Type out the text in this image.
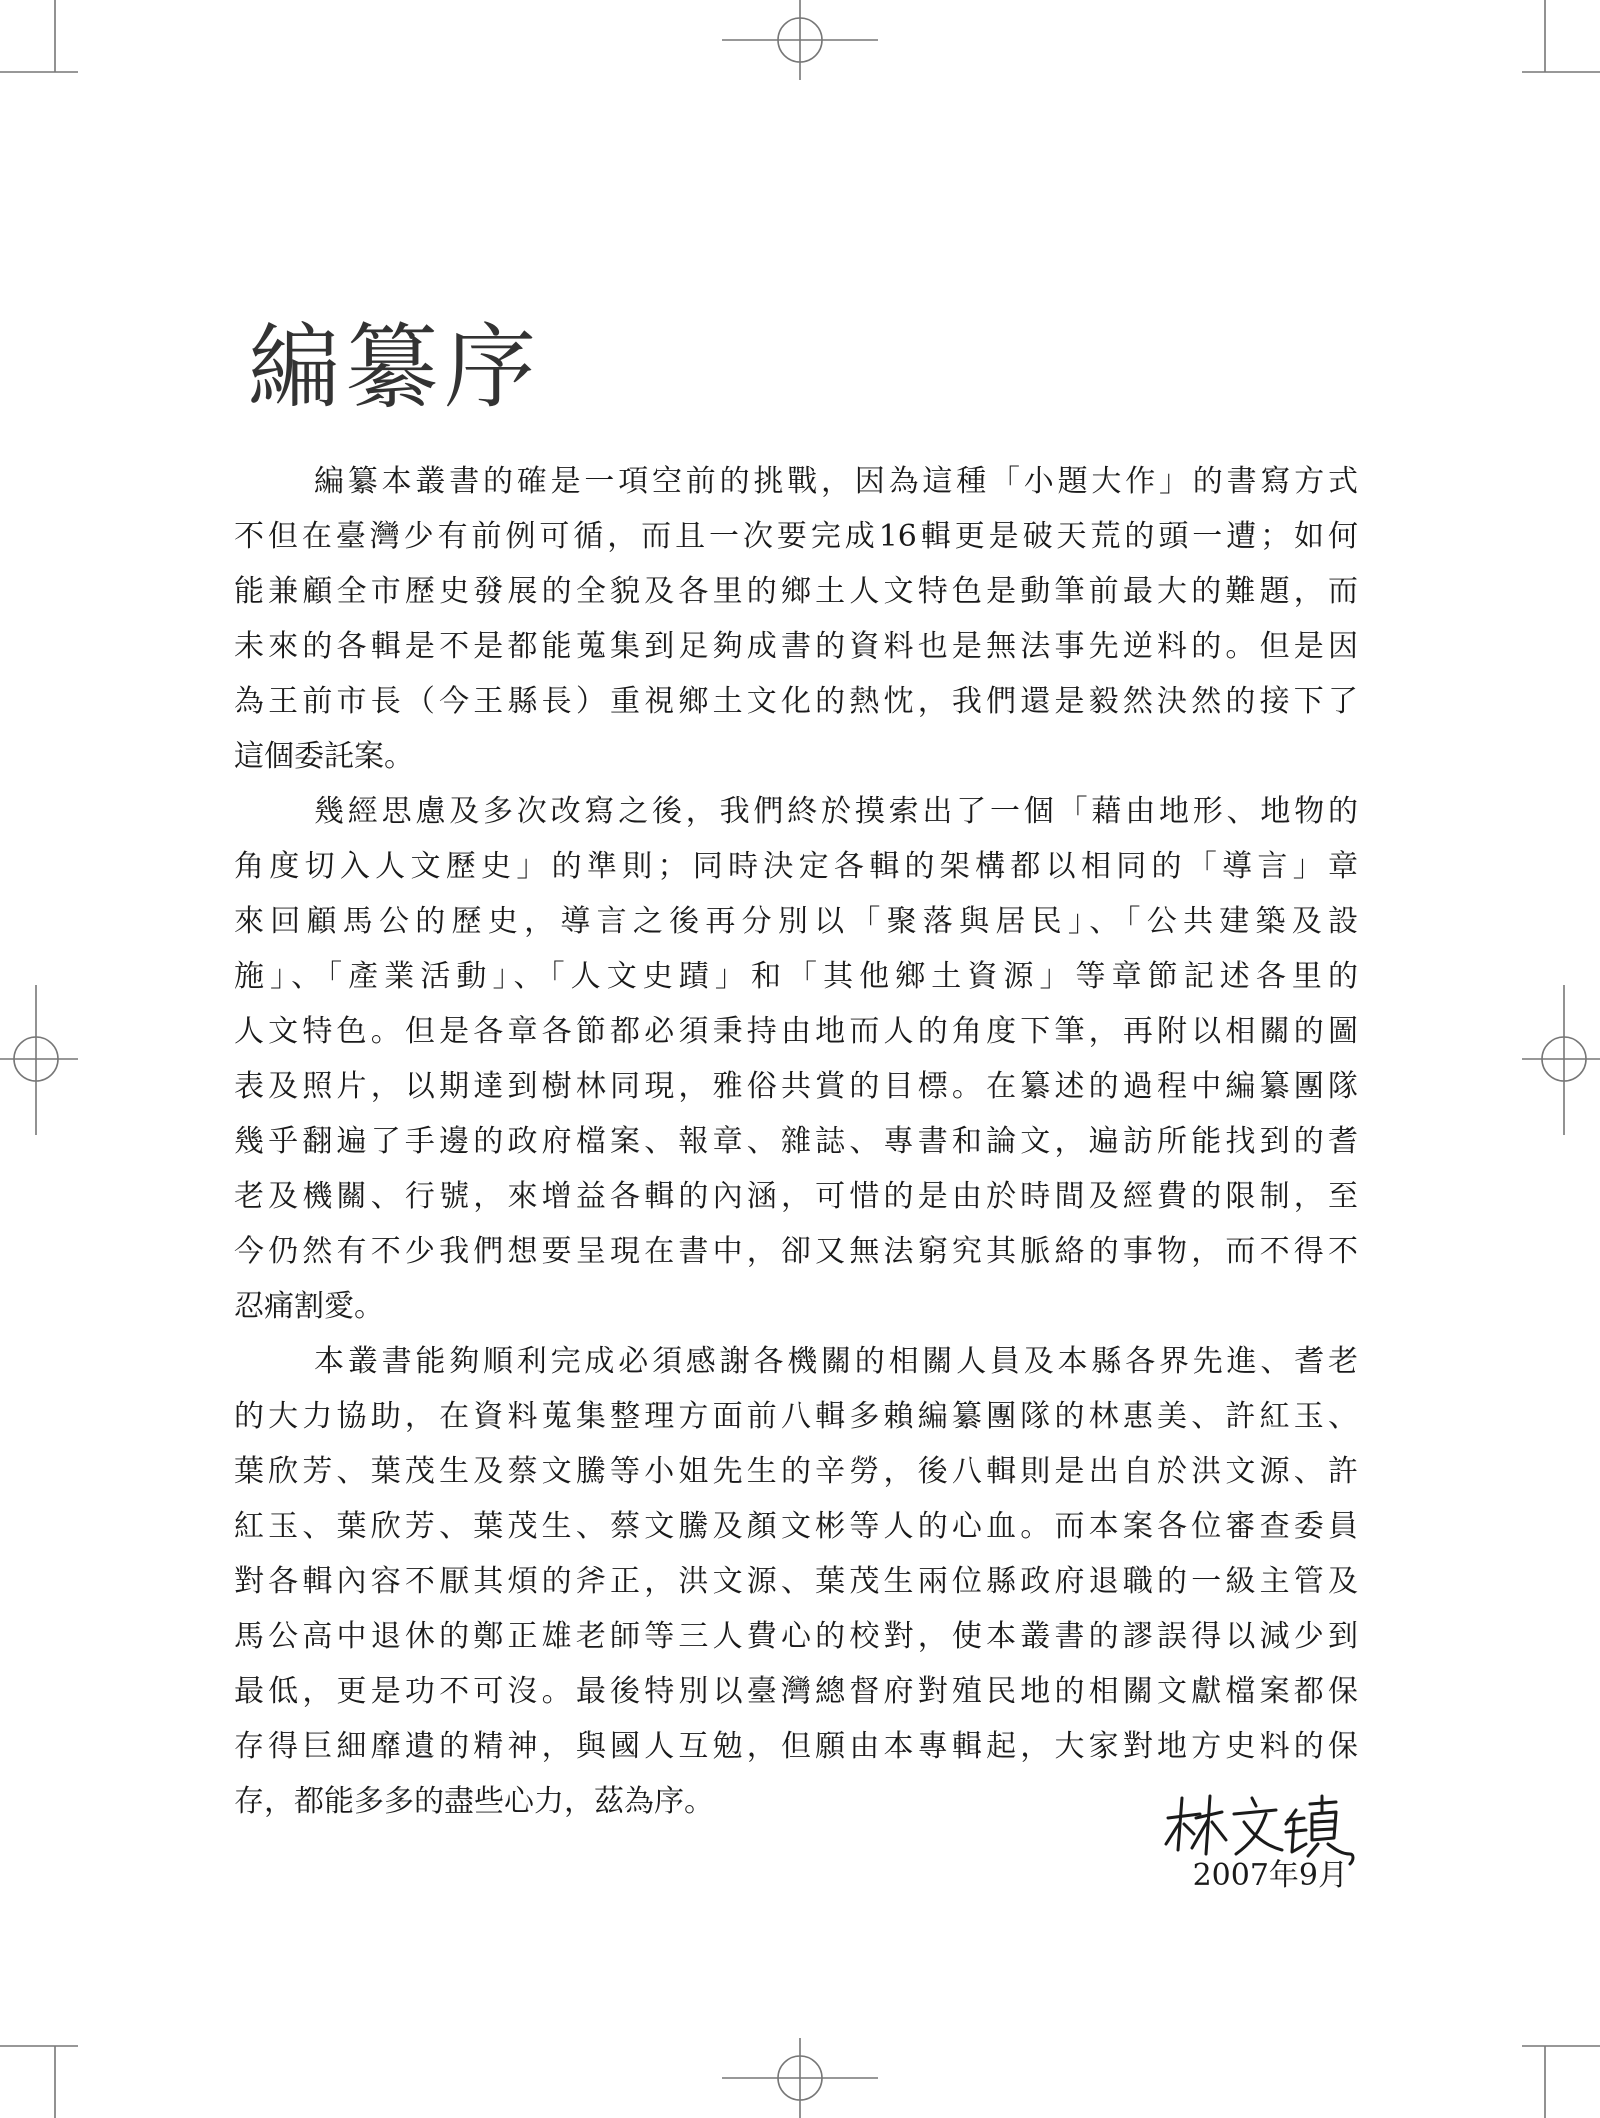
編纂序

編纂本叢書的確是一項空前的挑戰，因為這種「小題大作」的書寫方式

不但在臺灣少有前例可循，而且一次要完成16輯更是破天荒的頭一遭；如何

能兼顧全市歷史發展的全貌及各里的鄉土人文特色是動筆前最大的難題，而

未來的各輯是不是都能蒐集到足夠成書的資料也是無法事先逆料的。但是因

為王前市長（今王縣長）重視鄉土文化的熱忱，我們還是毅然決然的接下了

這個委託案。

幾經思慮及多次改寫之後，我們終於摸索出了一個「藉由地形、地物的

角度切入人文歷史」的準則；同時決定各輯的架構都以相同的「導言」章

來回顧馬公的歷史，導言之後再分別以「聚落與居民」、「公共建築及設

施」、「產業活動」、「人文史蹟」和「其他鄉土資源」等章節記述各里的

人文特色。但是各章各節都必須秉持由地而人的角度下筆，再附以相關的圖

表及照片，以期達到樹林同現，雅俗共賞的目標。在纂述的過程中編纂團隊

幾乎翻遍了手邊的政府檔案、報章、雜誌、專書和論文，遍訪所能找到的耆

老及機關、行號，來增益各輯的內涵，可惜的是由於時間及經費的限制，至

今仍然有不少我們想要呈現在書中，卻又無法窮究其脈絡的事物，而不得不

忍痛割愛。

本叢書能夠順利完成必須感謝各機關的相關人員及本縣各界先進、耆老

的大力協助，在資料蒐集整理方面前八輯多賴編纂團隊的林惠美、許紅玉、

葉欣芳、葉茂生及蔡文騰等小姐先生的辛勞，後八輯則是出自於洪文源、許

紅玉、葉欣芳、葉茂生、蔡文騰及顏文彬等人的心血。而本案各位審查委員

對各輯內容不厭其煩的斧正，洪文源、葉茂生兩位縣政府退職的一級主管及

馬公高中退休的鄭正雄老師等三人費心的校對，使本叢書的謬誤得以減少到

最低，更是功不可沒。最後特別以臺灣總督府對殖民地的相關文獻檔案都保

存得巨細靡遺的精神，與國人互勉，但願由本專輯起，大家對地方史料的保

存，都能多多的盡些心力，茲為序。

2007年9月
